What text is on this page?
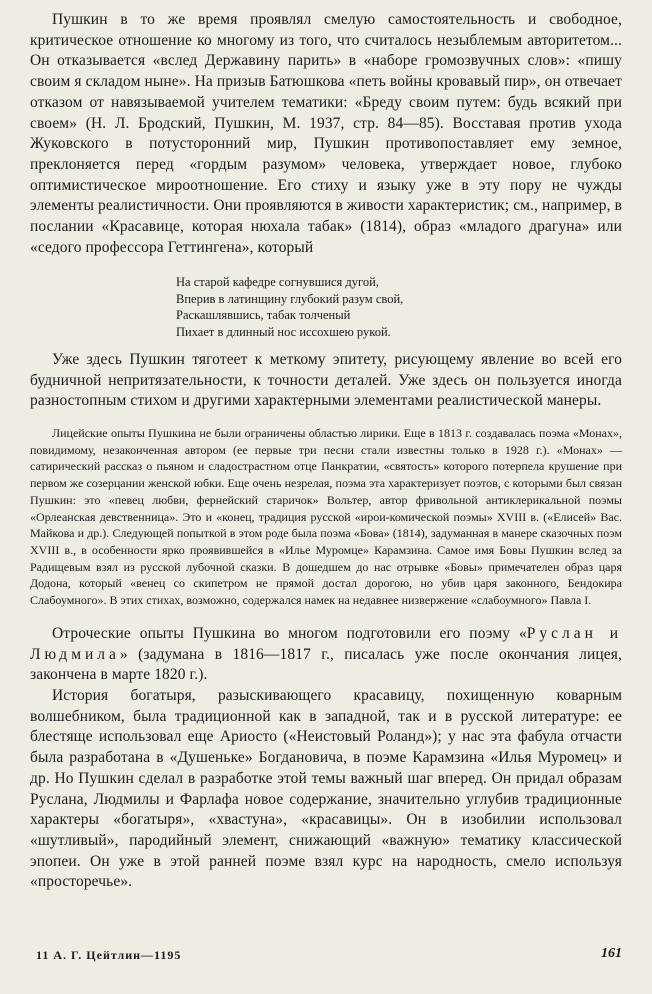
Пушкин в то же время проявлял смелую самостоятельность и свободное, критическое отношение ко многому из того, что считалось незыблемым авторитетом... Он отказывается «вслед Державину парить» в «наборе громозвучных слов»: «пишу своим я складом ныне». На призыв Батюшкова «петь войны кровавый пир», он отвечает отказом от навязываемой учителем тематики: «Бреду своим путем: будь всякий при своем» (Н. Л. Бродский, Пушкин, М. 1937, стр. 84—85). Восставая против ухода Жуковского в потусторонний мир, Пушкин противопоставляет ему земное, преклоняется перед «гордым разумом» человека, утверждает новое, глубоко оптимистическое мироотношение. Его стиху и языку уже в эту пору не чужды элементы реалистичности. Они проявляются в живости характеристик; см., например, в послании «Красавице, которая нюхала табак» (1814), образ «младого драгуна» или «седого профессора Геттингена», который

На старой кафедре согнувшися дугой,
Вперив в латинщину глубокий разум свой,
Раскашлявшись, табак толченый
Пихает в длинный нос иссохшею рукой.

Уже здесь Пушкин тяготеет к меткому эпитету, рисующему явление во всей его будничной непритязательности, к точности деталей. Уже здесь он пользуется иногда разностопным стихом и другими характерными элементами реалистической манеры.

Лицейские опыты Пушкина не были ограничены областью лирики. Еще в 1813 г. создавалась поэма «Монах», повидимому, незаконченная автором (ее первые три песни стали известны только в 1928 г.). «Монах» — сатирический рассказ о пьяном и сладострастном отце Панкратии, «святость» которого потерпела крушение при первом же созерцании женской юбки. Еще очень незрелая, поэма эта характеризует поэтов, с которыми был связан Пушкин: это «певец любви, фернейский старичок» Вольтер, автор фривольной антиклерикальной поэмы «Орлеанская девственница». Это и «конец, традиция русской «ирои-комической поэмы» XVIII в. («Елисей» Вас. Майкова и др.). Следующей попыткой в этом роде была поэма «Бова» (1814), задуманная в манере сказочных поэм XVIII в., в особенности ярко проявившейся в «Илье Муромце» Карамзина. Самое имя Бовы Пушкин вслед за Радищевым взял из русской лубочной сказки. В дошедшем до нас отрывке «Бовы» примечателен образ царя Додона, который «венец со скипетром не прямой достал дорогою, но убив царя законного, Бендокира Слабоумного». В этих стихах, возможно, содержался намек на недавнее низвержение «слабоумного» Павла I.

Отроческие опыты Пушкина во многом подготовили его поэму «Руслан и Людмила» (задумана в 1816—1817 г., писалась уже после окончания лицея, закончена в марте 1820 г.).

История богатыря, разыскивающего красавицу, похищенную коварным волшебником, была традиционной как в западной, так и в русской литературе: ее блестяще использовал еще Ариосто («Неистовый Роланд»); у нас эта фабула отчасти была разработана в «Душеньке» Богдановича, в поэме Карамзина «Илья Муромец» и др. Но Пушкин сделал в разработке этой темы важный шаг вперед. Он придал образам Руслана, Людмилы и Фарлафа новое содержание, значительно углубив традиционные характеры «богатыря», «хвастуна», «красавицы». Он в изобилии использовал «шутливый», пародийный элемент, снижающий «важную» тематику классической эпопеи. Он уже в этой ранней поэме взял курс на народность, смело используя «просторечье».

11 А. Г. Цейтлин—1195	161
